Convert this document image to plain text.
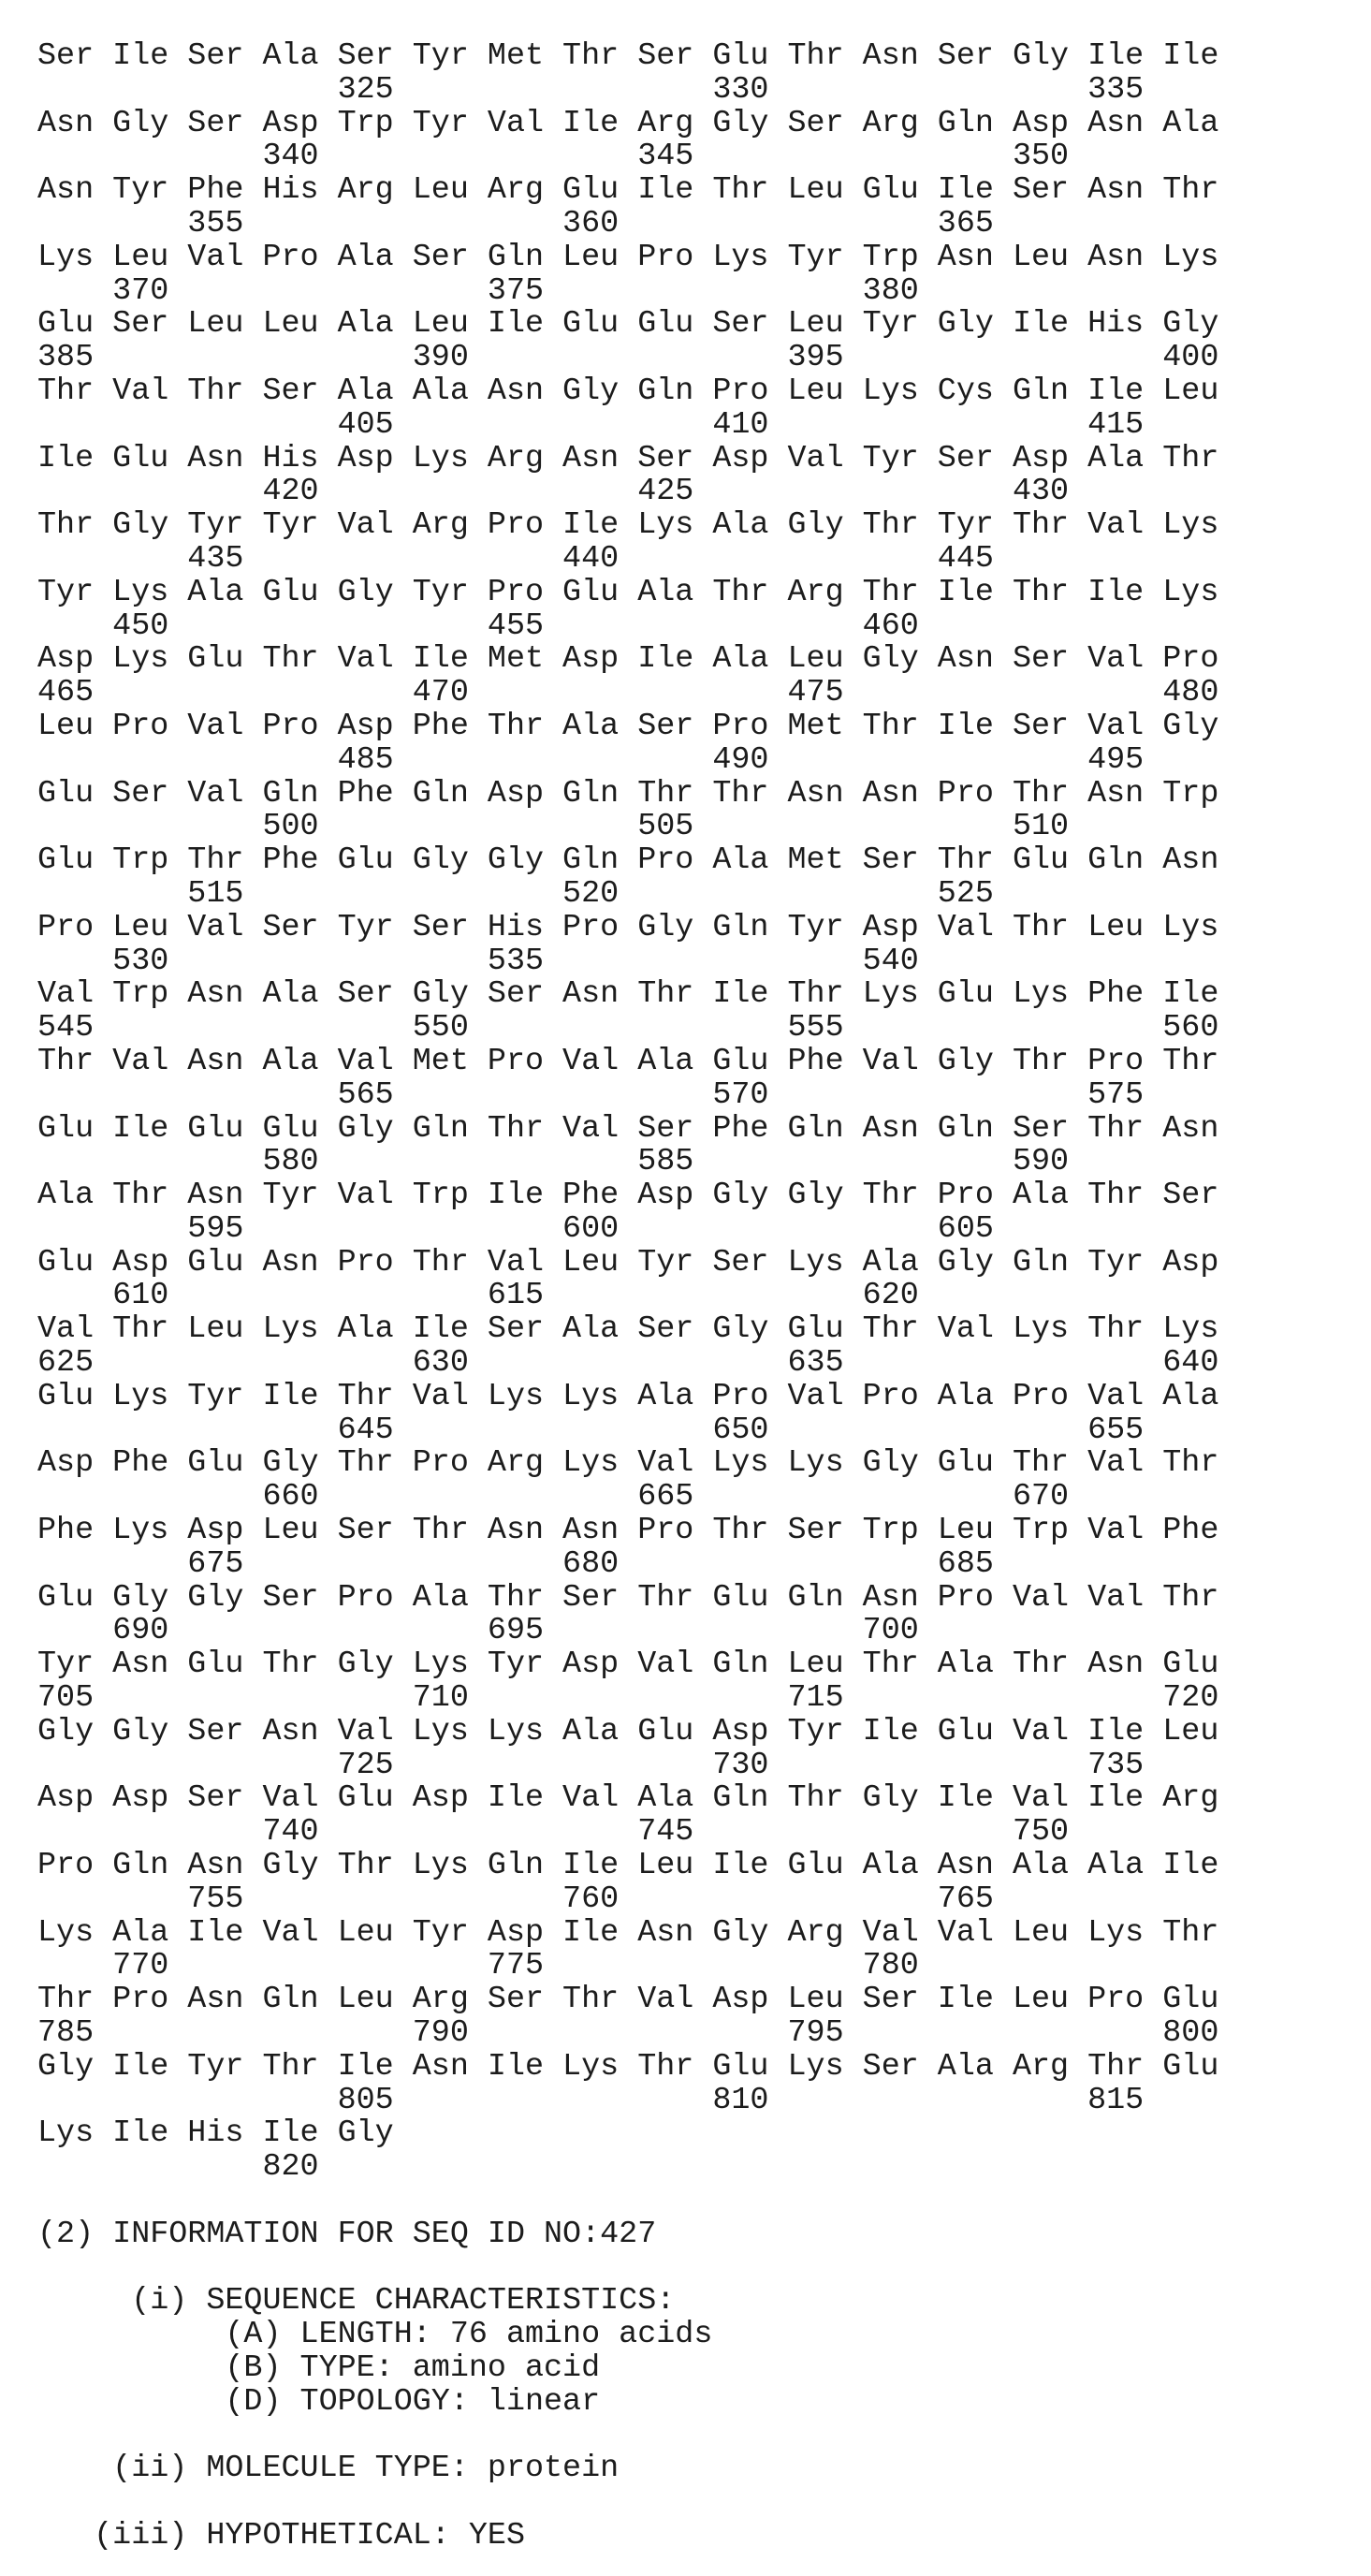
Ser Ile Ser Ala Ser Tyr Met Thr Ser Glu Thr Asn Ser Gly Ile Ile
325                 330                 335
Asn Gly Ser Asp Trp Tyr Val Ile Arg Gly Ser Arg Gln Asp Asn Ala
340                 345                 350
Asn Tyr Phe His Arg Leu Arg Glu Ile Thr Leu Glu Ile Ser Asn Thr
355                 360                 365
Lys Leu Val Pro Ala Ser Gln Leu Pro Lys Tyr Trp Asn Leu Asn Lys
370                 375                 380
Glu Ser Leu Leu Ala Leu Ile Glu Glu Ser Leu Tyr Gly Ile His Gly
385                 390                 395                 400
Thr Val Thr Ser Ala Ala Asn Gly Gln Pro Leu Lys Cys Gln Ile Leu
405                 410                 415
Ile Glu Asn His Asp Lys Arg Asn Ser Asp Val Tyr Ser Asp Ala Thr
420                 425                 430
Thr Gly Tyr Tyr Val Arg Pro Ile Lys Ala Gly Thr Tyr Thr Val Lys
435                 440                 445
Tyr Lys Ala Glu Gly Tyr Pro Glu Ala Thr Arg Thr Ile Thr Ile Lys
450                 455                 460
Asp Lys Glu Thr Val Ile Met Asp Ile Ala Leu Gly Asn Ser Val Pro
465                 470                 475                 480
Leu Pro Val Pro Asp Phe Thr Ala Ser Pro Met Thr Ile Ser Val Gly
485                 490                 495
Glu Ser Val Gln Phe Gln Asp Gln Thr Thr Asn Asn Pro Thr Asn Trp
500                 505                 510
Glu Trp Thr Phe Glu Gly Gly Gln Pro Ala Met Ser Thr Glu Gln Asn
515                 520                 525
Pro Leu Val Ser Tyr Ser His Pro Gly Gln Tyr Asp Val Thr Leu Lys
530                 535                 540
Val Trp Asn Ala Ser Gly Ser Asn Thr Ile Thr Lys Glu Lys Phe Ile
545                 550                 555                 560
Thr Val Asn Ala Val Met Pro Val Ala Glu Phe Val Gly Thr Pro Thr
565                 570                 575
Glu Ile Glu Glu Gly Gln Thr Val Ser Phe Gln Asn Gln Ser Thr Asn
580                 585                 590
Ala Thr Asn Tyr Val Trp Ile Phe Asp Gly Gly Thr Pro Ala Thr Ser
595                 600                 605
Glu Asp Glu Asn Pro Thr Val Leu Tyr Ser Lys Ala Gly Gln Tyr Asp
610                 615                 620
Val Thr Leu Lys Ala Ile Ser Ala Ser Gly Glu Thr Val Lys Thr Lys
625                 630                 635                 640
Glu Lys Tyr Ile Thr Val Lys Lys Ala Pro Val Pro Ala Pro Val Ala
645                 650                 655
Asp Phe Glu Gly Thr Pro Arg Lys Val Lys Lys Gly Glu Thr Val Thr
660                 665                 670
Phe Lys Asp Leu Ser Thr Asn Asn Pro Thr Ser Trp Leu Trp Val Phe
675                 680                 685
Glu Gly Gly Ser Pro Ala Thr Ser Thr Glu Gln Asn Pro Val Val Thr
690                 695                 700
Tyr Asn Glu Thr Gly Lys Tyr Asp Val Gln Leu Thr Ala Thr Asn Glu
705                 710                 715                 720
Gly Gly Ser Asn Val Lys Lys Ala Glu Asp Tyr Ile Glu Val Ile Leu
725                 730                 735
Asp Asp Ser Val Glu Asp Ile Val Ala Gln Thr Gly Ile Val Ile Arg
740                 745                 750
Pro Gln Asn Gly Thr Lys Gln Ile Leu Ile Glu Ala Asn Ala Ala Ile
755                 760                 765
Lys Ala Ile Val Leu Tyr Asp Ile Asn Gly Arg Val Val Leu Lys Thr
770                 775                 780
Thr Pro Asn Gln Leu Arg Ser Thr Val Asp Leu Ser Ile Leu Pro Glu
785                 790                 795                 800
Gly Ile Tyr Thr Ile Asn Ile Lys Thr Glu Lys Ser Ala Arg Thr Glu
805                 810                 815
Lys Ile His Ile Gly
820

(2) INFORMATION FOR SEQ ID NO:427

(i) SEQUENCE CHARACTERISTICS:
(A) LENGTH: 76 amino acids
(B) TYPE: amino acid
(D) TOPOLOGY: linear

(ii) MOLECULE TYPE: protein

(iii) HYPOTHETICAL: YES
